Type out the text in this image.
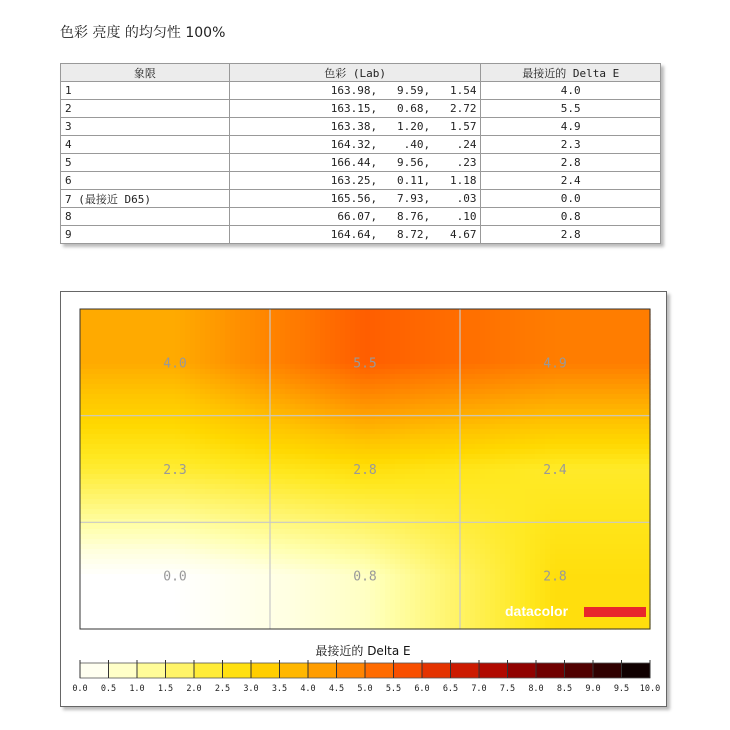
色彩 亮度 的均匀性 100%
象限	色彩 (Lab)	最接近的 Delta E
1	163.98,   9.59,   1.54	4.0
2	163.15,   0.68,   2.72	5.5
3	163.38,   1.20,   1.57	4.9
4	164.32,    .40,    .24	2.3
5	166.44,   9.56,    .23	2.8
6	163.25,   0.11,   1.18	2.4
7 (最接近 D65)	165.56,   7.93,    .03	0.0
8	66.07,   8.76,    .10	0.8
9	164.64,   8.72,   4.67	2.8
4.0	5.5	4.9
2.3	2.8	2.4
0.0	0.8	2.8
datacolor
最接近的 Delta E
0.0 0.5 1.0 1.5 2.0 2.5 3.0 3.5 4.0 4.5 5.0 5.5 6.0 6.5 7.0 7.5 8.0 8.5 9.0 9.5 10.0
